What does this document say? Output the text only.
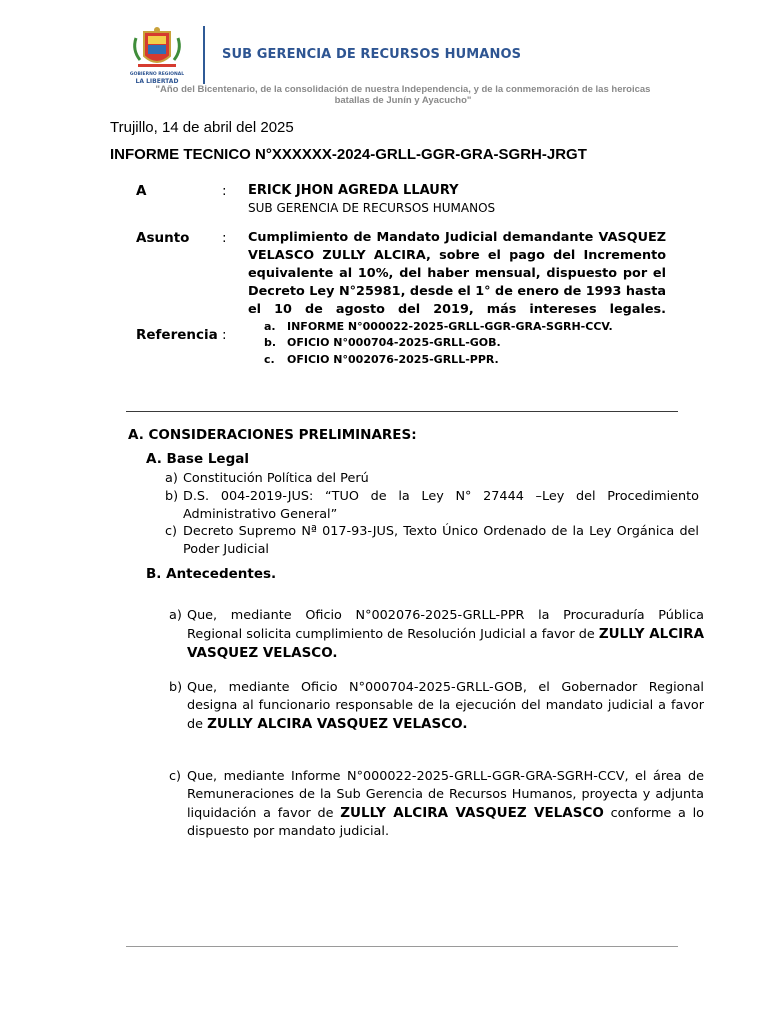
GOBIERNO REGIONAL
LA LIBERTAD
SUB GERENCIA DE RECURSOS HUMANOS
"Año del Bicentenario, de la consolidación de nuestra Independencia, y de la conmemoración de las heroicas batallas de Junín y Ayacucho"
Trujillo, 14 de abril del 2025
INFORME TECNICO N°XXXXXX-2024-GRLL-GGR-GRA-SGRH-JRGT
A	: ERICK JHON AGREDA LLAURY
SUB GERENCIA DE RECURSOS HUMANOS
Asunto : Cumplimiento de Mandato Judicial demandante VASQUEZ VELASCO ZULLY ALCIRA, sobre el pago del Incremento equivalente al 10%, del haber mensual, dispuesto por el Decreto Ley N°25981, desde el 1° de enero de 1993 hasta el 10 de agosto del 2019, más intereses legales.
Referencia :
a. INFORME N°000022-2025-GRLL-GGR-GRA-SGRH-CCV.
b. OFICIO N°000704-2025-GRLL-GOB.
c. OFICIO N°002076-2025-GRLL-PPR.
A. CONSIDERACIONES PRELIMINARES:
A. Base Legal
a) Constitución Política del Perú
b) D.S. 004-2019-JUS: “TUO de la Ley N° 27444 –Ley del Procedimiento Administrativo General”
c) Decreto Supremo Nª 017-93-JUS, Texto Único Ordenado de la Ley Orgánica del Poder Judicial
B. Antecedentes.
a) Que, mediante Oficio N°002076-2025-GRLL-PPR la Procuraduría Pública Regional solicita cumplimiento de Resolución Judicial a favor de ZULLY ALCIRA VASQUEZ VELASCO.
b) Que, mediante Oficio N°000704-2025-GRLL-GOB, el Gobernador Regional designa al funcionario responsable de la ejecución del mandato judicial a favor de ZULLY ALCIRA VASQUEZ VELASCO.
c) Que, mediante Informe N°000022-2025-GRLL-GGR-GRA-SGRH-CCV, el área de Remuneraciones de la Sub Gerencia de Recursos Humanos, proyecta y adjunta liquidación a favor de ZULLY ALCIRA VASQUEZ VELASCO conforme a lo dispuesto por mandato judicial.
